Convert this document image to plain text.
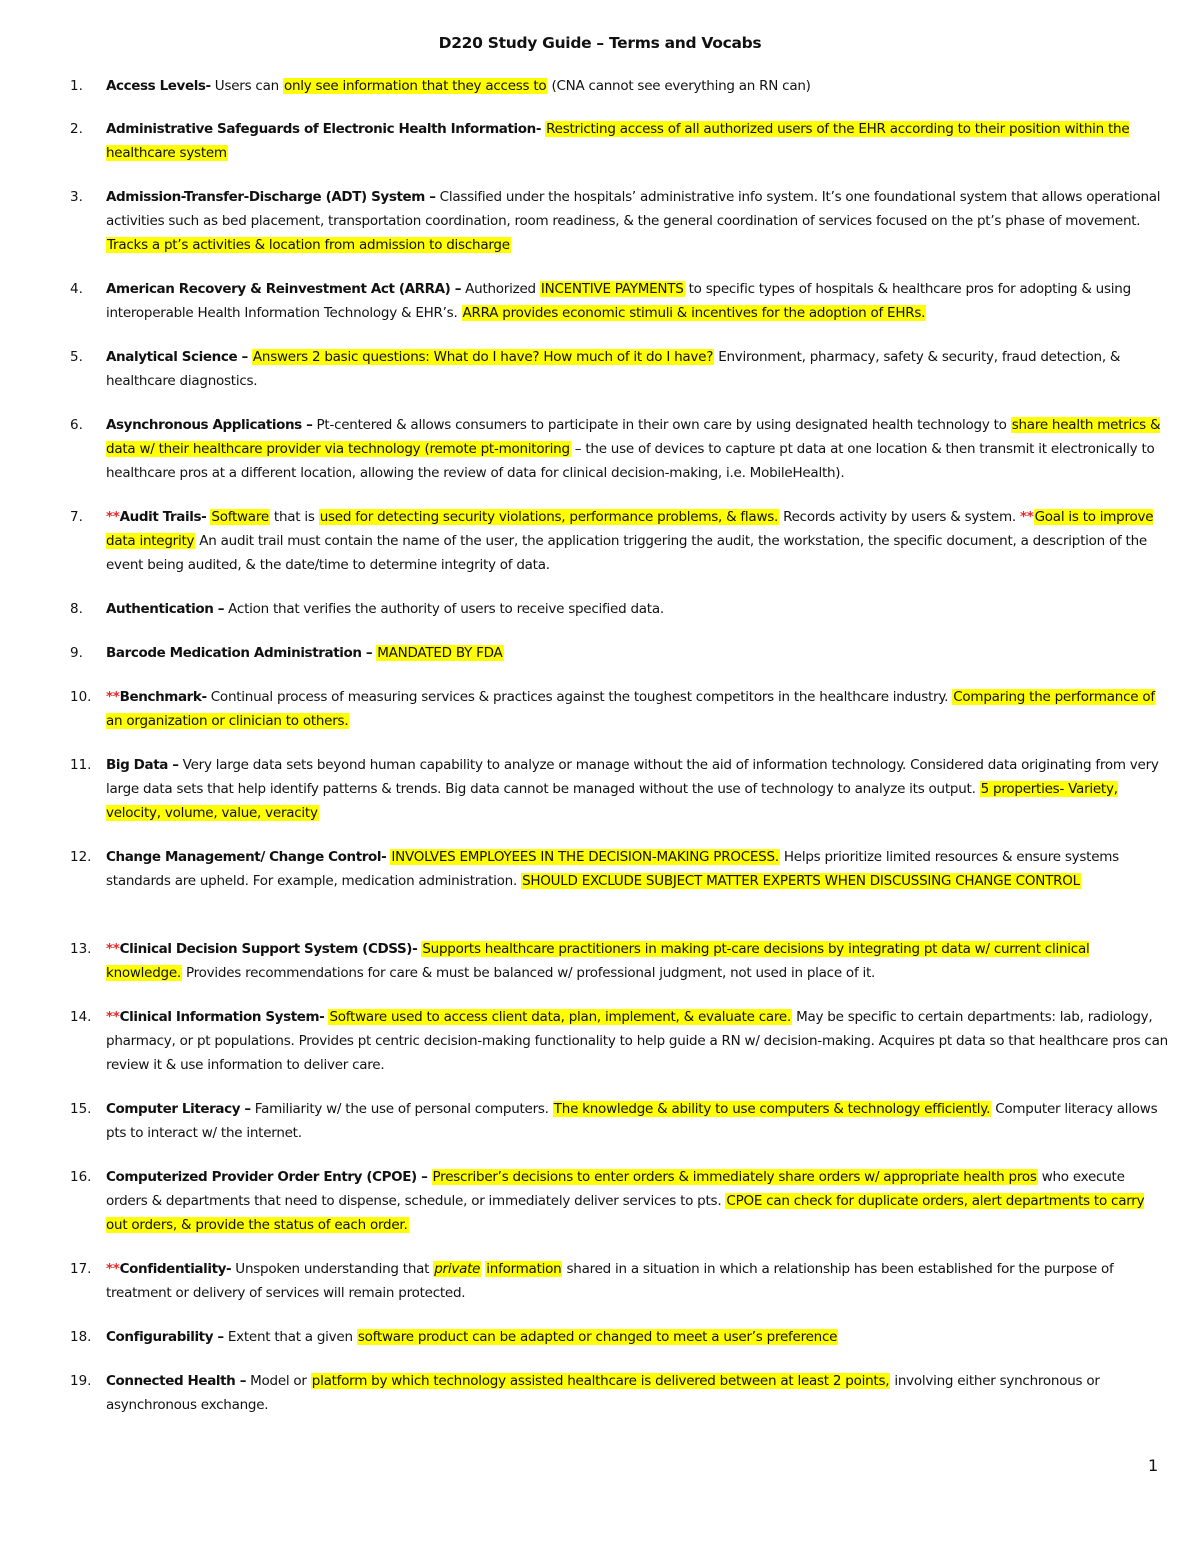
D220 Study Guide – Terms and Vocabs
1. Access Levels- Users can only see information that they access to (CNA cannot see everything an RN can)
2. Administrative Safeguards of Electronic Health Information- Restricting access of all authorized users of the EHR according to their position within the healthcare system
3. Admission-Transfer-Discharge (ADT) System – Classified under the hospitals’ administrative info system. It’s one foundational system that allows operational activities such as bed placement, transportation coordination, room readiness, & the general coordination of services focused on the pt’s phase of movement. Tracks a pt’s activities & location from admission to discharge
4. American Recovery & Reinvestment Act (ARRA) – Authorized INCENTIVE PAYMENTS to specific types of hospitals & healthcare pros for adopting & using interoperable Health Information Technology & EHR’s. ARRA provides economic stimuli & incentives for the adoption of EHRs.
5. Analytical Science – Answers 2 basic questions: What do I have? How much of it do I have? Environment, pharmacy, safety & security, fraud detection, & healthcare diagnostics.
6. Asynchronous Applications – Pt-centered & allows consumers to participate in their own care by using designated health technology to share health metrics & data w/ their healthcare provider via technology (remote pt-monitoring – the use of devices to capture pt data at one location & then transmit it electronically to healthcare pros at a different location, allowing the review of data for clinical decision-making, i.e. MobileHealth).
7. **Audit Trails- Software that is used for detecting security violations, performance problems, & flaws. Records activity by users & system. **Goal is to improve data integrity An audit trail must contain the name of the user, the application triggering the audit, the workstation, the specific document, a description of the event being audited, & the date/time to determine integrity of data.
8. Authentication – Action that verifies the authority of users to receive specified data.
9. Barcode Medication Administration – MANDATED BY FDA
10. **Benchmark- Continual process of measuring services & practices against the toughest competitors in the healthcare industry. Comparing the performance of an organization or clinician to others.
11. Big Data – Very large data sets beyond human capability to analyze or manage without the aid of information technology. Considered data originating from very large data sets that help identify patterns & trends. Big data cannot be managed without the use of technology to analyze its output. 5 properties- Variety, velocity, volume, value, veracity
12. Change Management/ Change Control- INVOLVES EMPLOYEES IN THE DECISION-MAKING PROCESS. Helps prioritize limited resources & ensure systems standards are upheld. For example, medication administration. SHOULD EXCLUDE SUBJECT MATTER EXPERTS WHEN DISCUSSING CHANGE CONTROL
13. **Clinical Decision Support System (CDSS)- Supports healthcare practitioners in making pt-care decisions by integrating pt data w/ current clinical knowledge. Provides recommendations for care & must be balanced w/ professional judgment, not used in place of it.
14. **Clinical Information System- Software used to access client data, plan, implement, & evaluate care. May be specific to certain departments: lab, radiology, pharmacy, or pt populations. Provides pt centric decision-making functionality to help guide a RN w/ decision-making. Acquires pt data so that healthcare pros can review it & use information to deliver care.
15. Computer Literacy – Familiarity w/ the use of personal computers. The knowledge & ability to use computers & technology efficiently. Computer literacy allows pts to interact w/ the internet.
16. Computerized Provider Order Entry (CPOE) – Prescriber’s decisions to enter orders & immediately share orders w/ appropriate health pros who execute orders & departments that need to dispense, schedule, or immediately deliver services to pts. CPOE can check for duplicate orders, alert departments to carry out orders, & provide the status of each order.
17. **Confidentiality- Unspoken understanding that private information shared in a situation in which a relationship has been established for the purpose of treatment or delivery of services will remain protected.
18. Configurability – Extent that a given software product can be adapted or changed to meet a user’s preference
19. Connected Health – Model or platform by which technology assisted healthcare is delivered between at least 2 points, involving either synchronous or asynchronous exchange.
1
